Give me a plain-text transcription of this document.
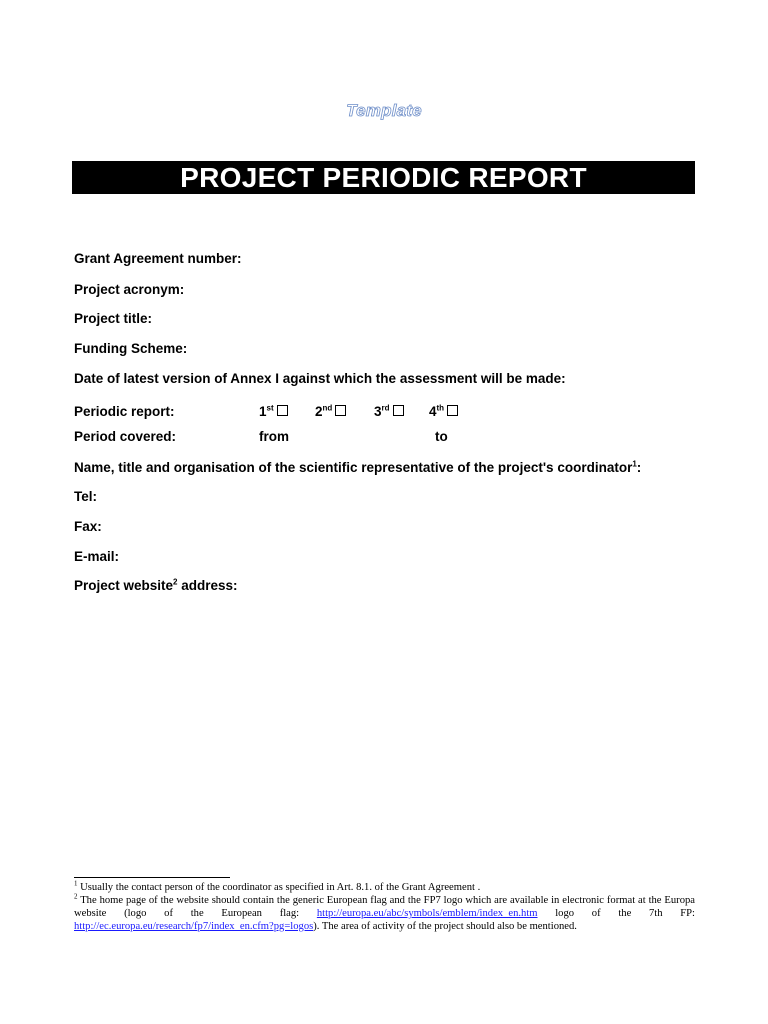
Template
PROJECT PERIODIC REPORT
Grant Agreement number:
Project acronym:
Project title:
Funding Scheme:
Date of latest version of Annex I against which the assessment will be made:
Periodic report:	1st	2nd	3rd	4th
Period covered:	from	to
Name, title and organisation of the scientific representative of the project's coordinator$^1$:
Tel:
Fax:
E-mail:
Project website$^2$ address:

$^1$ Usually the contact person of the coordinator as specified in Art. 8.1. of the Grant Agreement .

$^2$ The home page of the website should contain the generic European flag and the FP7 logo which are available in electronic format at the Europa website (logo of the European flag: http://europa.eu/abc/symbols/emblem/index_en.htm logo of the 7th FP: http://ec.europa.eu/research/fp7/index_en.cfm?pg=logos). The area of activity of the project should also be mentioned.
